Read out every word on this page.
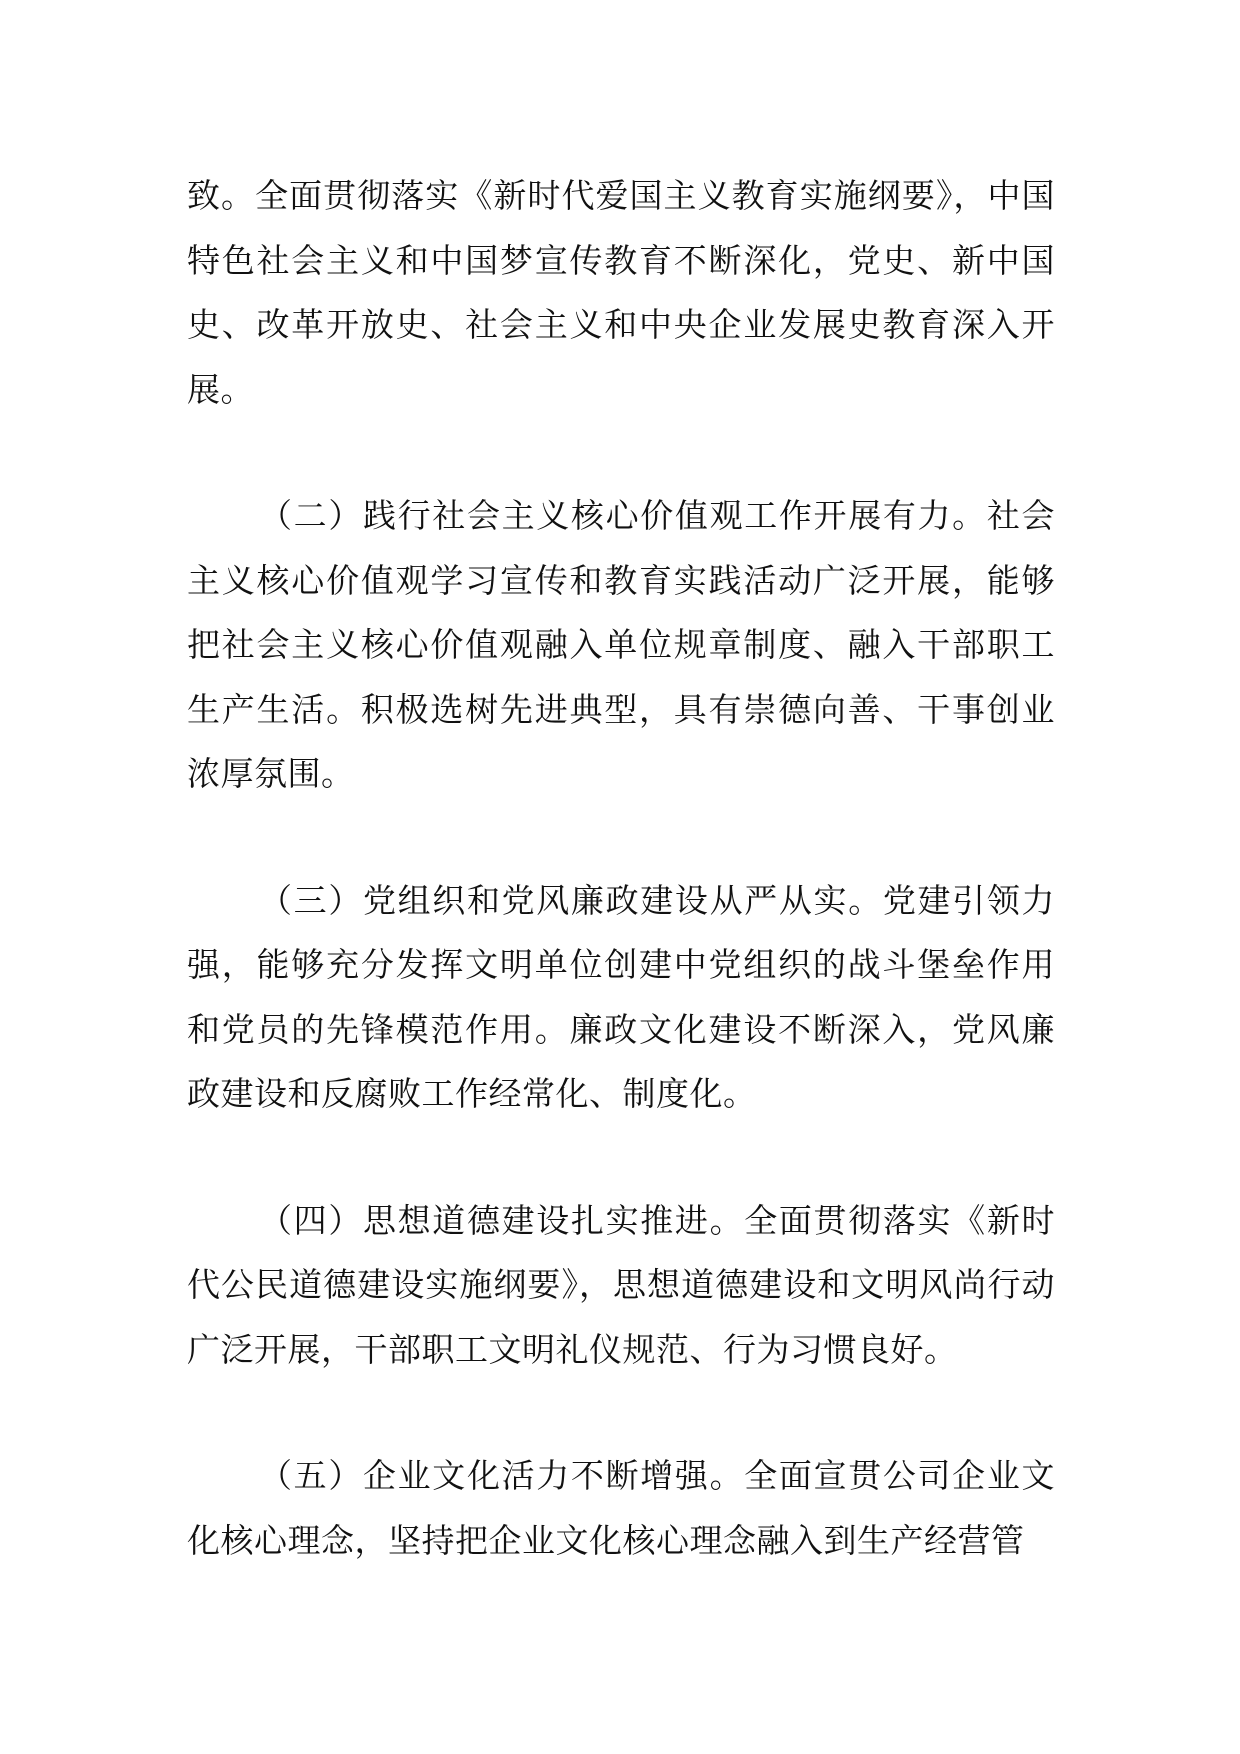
致。全面贯彻落实《新时代爱国主义教育实施纲要》，中国特色社会主义和中国梦宣传教育不断深化，党史、新中国史、改革开放史、社会主义和中央企业发展史教育深入开展。

（二）践行社会主义核心价值观工作开展有力。社会主义核心价值观学习宣传和教育实践活动广泛开展，能够把社会主义核心价值观融入单位规章制度、融入干部职工生产生活。积极选树先进典型，具有崇德向善、干事创业浓厚氛围。

（三）党组织和党风廉政建设从严从实。党建引领力强，能够充分发挥文明单位创建中党组织的战斗堡垒作用和党员的先锋模范作用。廉政文化建设不断深入，党风廉政建设和反腐败工作经常化、制度化。

（四）思想道德建设扎实推进。全面贯彻落实《新时代公民道德建设实施纲要》，思想道德建设和文明风尚行动广泛开展，干部职工文明礼仪规范、行为习惯良好。

（五）企业文化活力不断增强。全面宣贯公司企业文化核心理念，坚持把企业文化核心理念融入到生产经营管
